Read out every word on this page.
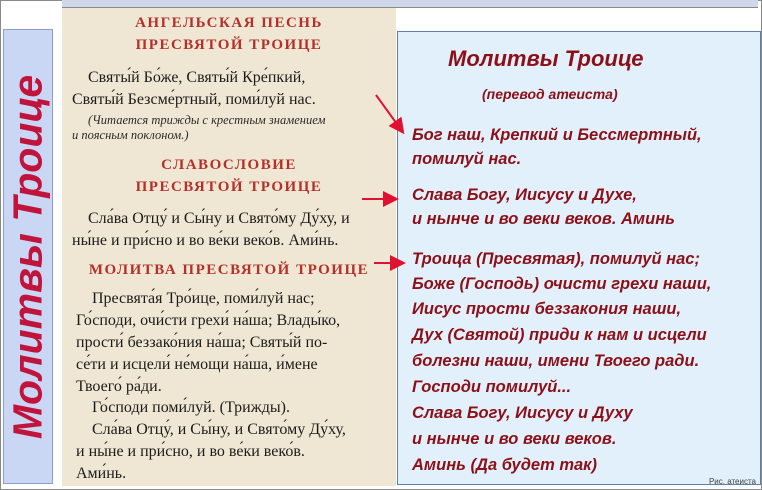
Молитвы Троице
АНГЕЛЬСКАЯ ПЕСНЬ
ПРЕСВЯТОЙ ТРОИЦЕ
Святы́й Бо́же, Святы́й Кре́пкий,
Святы́й Безсме́ртный, поми́луй нас.
(Читается трижды с крестным знамением
и поясным поклоном.)
СЛАВОСЛОВИЕ
ПРЕСВЯТОЙ ТРОИЦЕ
Сла́ва Отцу́ и Сы́ну и Свято́му Ду́ху, и
ны́не и при́сно и во ве́ки веко́в. Ами́нь.
МОЛИТВА ПРЕСВЯТОЙ ТРОИЦЕ
Пресвята́я Тро́ице, поми́луй нас;
Го́споди, очи́сти грехи́ на́ша; Влады́ко,
прости́ беззако́ния на́ша; Святы́й по-
се́ти и исцели́ не́мощи на́ша, и́мене
Твоего́ ра́ди.
Го́споди поми́луй. (Трижды).
Сла́ва Отцу́, и Сы́ну, и Свято́му Ду́ху,
и ны́не и при́сно, и во ве́ки веко́в.
Ами́нь.
Молитвы Троице
(перевод атеиста)
Бог наш, Крепкий и Бессмертный,
помилуй нас.
Слава Богу, Иисусу и Духе,
и нынче и во веки веков. Аминь
Троица (Пресвятая), помилуй нас;
Боже (Господь) очисти грехи наши,
Иисус прости беззакония наши,
Дух (Святой) приди к нам и исцели
болезни наши, имени Твоего ради.
Господи помилуй...
Слава Богу, Иисусу и Духу
и нынче и во веки веков.
Аминь (Да будет так)
Рис. атеиста
